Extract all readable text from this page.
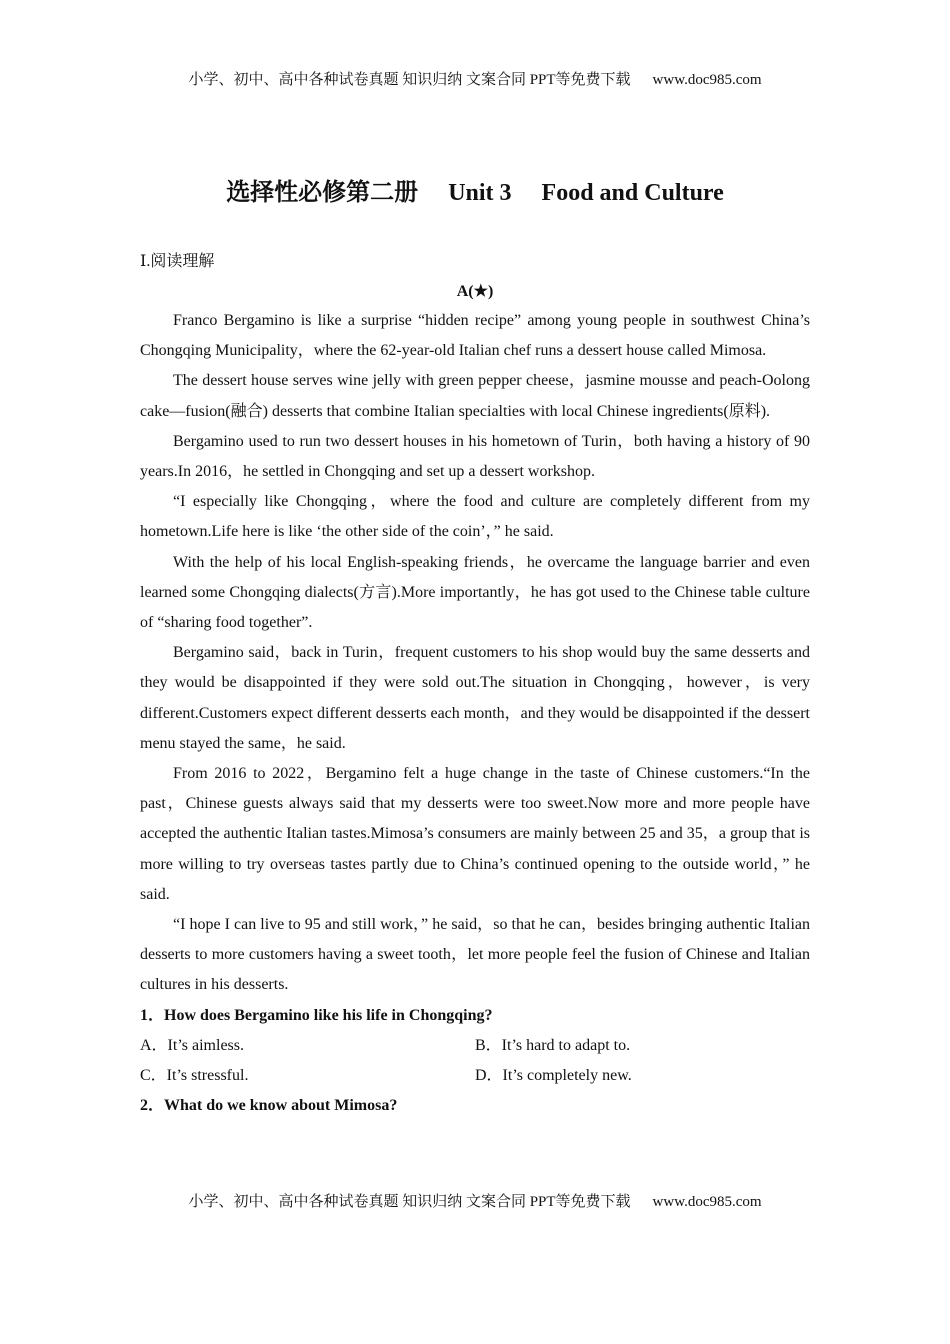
小学、初中、高中各种试卷真题 知识归纳 文案合同 PPT等免费下载 www.doc985.com
选择性必修第二册 Unit 3 Food and Culture
Ⅰ.阅读理解
A(★)

Franco Bergamino is like a surprise “hidden recipe” among young people in southwest China’s Chongqing Municipality，where the 62-year-old Italian chef runs a dessert house called Mimosa.

The dessert house serves wine jelly with green pepper cheese，jasmine mousse and peach-Oolong cake—fusion(融合) desserts that combine Italian specialties with local Chinese ingredients(原料).

Bergamino used to run two dessert houses in his hometown of Turin，both having a history of 90 years.In 2016，he settled in Chongqing and set up a dessert workshop.

“I especially like Chongqing，where the food and culture are completely different from my hometown.Life here is like ‘the other side of the coin’，” he said.

With the help of his local English-speaking friends，he overcame the language barrier and even learned some Chongqing dialects(方言).More importantly，he has got used to the Chinese table culture of “sharing food together”.

Bergamino said，back in Turin，frequent customers to his shop would buy the same desserts and they would be disappointed if they were sold out.The situation in Chongqing，however，is very different.Customers expect different desserts each month，and they would be disappointed if the dessert menu stayed the same，he said.

From 2016 to 2022，Bergamino felt a huge change in the taste of Chinese customers.“In the past，Chinese guests always said that my desserts were too sweet.Now more and more people have accepted the authentic Italian tastes.Mimosa’s consumers are mainly between 25 and 35，a group that is more willing to try overseas tastes partly due to China’s continued opening to the outside world，” he said.

“I hope I can live to 95 and still work，” he said，so that he can，besides bringing authentic Italian desserts to more customers having a sweet tooth，let more people feel the fusion of Chinese and Italian cultures in his desserts.

1．How does Bergamino like his life in Chongqing?

A．It’s aimless.	B．It’s hard to adapt to.
C．It’s stressful.	D．It’s completely new.

2．What do we know about Mimosa?

小学、初中、高中各种试卷真题 知识归纳 文案合同 PPT等免费下载 www.doc985.com
